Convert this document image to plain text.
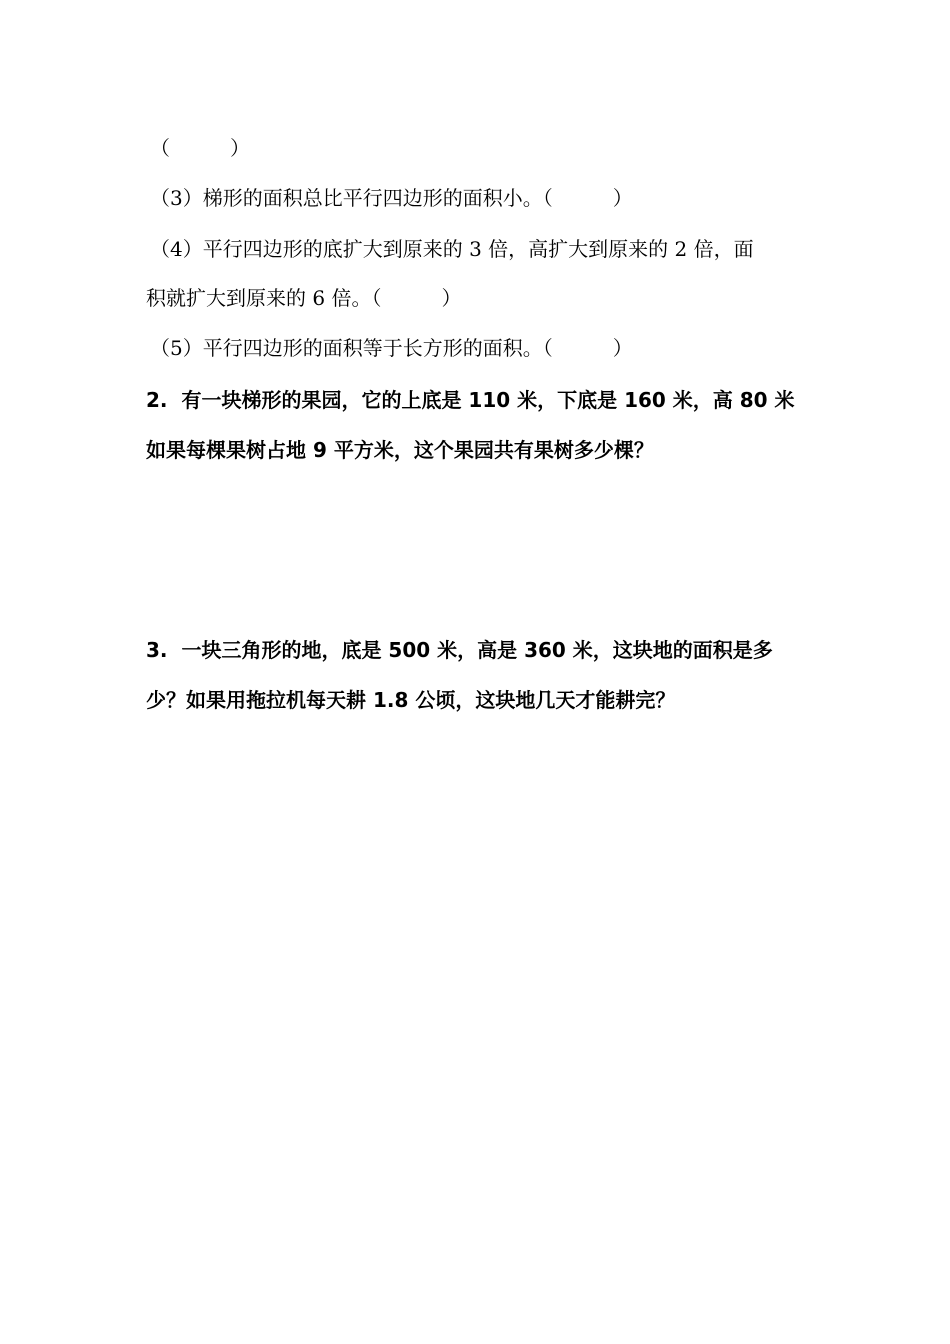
（　　　）
（3）梯形的面积总比平行四边形的面积小。（　　　）
（4）平行四边形的底扩大到原来的 3 倍，高扩大到原来的 2 倍，面
积就扩大到原来的 6 倍。（　　　）
（5）平行四边形的面积等于长方形的面积。（　　　）
2.  有一块梯形的果园，它的上底是 110 米，下底是 160 米，高 80 米
如果每棵果树占地 9 平方米，这个果园共有果树多少棵？
3.  一块三角形的地，底是 500 米，高是 360 米，这块地的面积是多
少？如果用拖拉机每天耕 1.8 公顷，这块地几天才能耕完？
